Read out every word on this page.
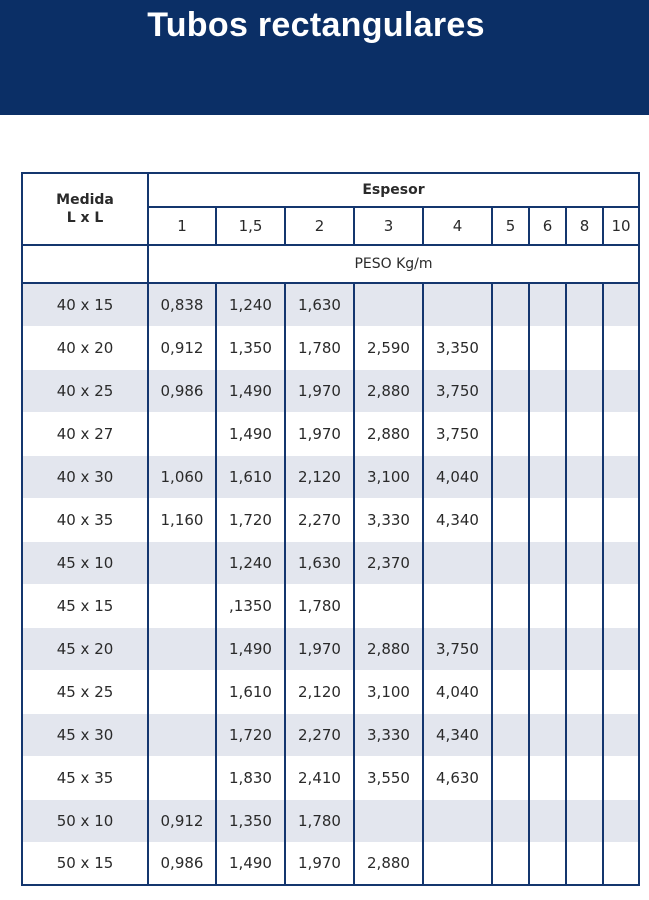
Tubos rectangulares
Medida
L x L	Espesor								
	1	1,5	2	3	4	5	6	8	10
	PESO Kg/m								
40 x 15	0,838	1,240	1,630						
40 x 20	0,912	1,350	1,780	2,590	3,350				
40 x 25	0,986	1,490	1,970	2,880	3,750				
40 x 27		1,490	1,970	2,880	3,750				
40 x 30	1,060	1,610	2,120	3,100	4,040				
40 x 35	1,160	1,720	2,270	3,330	4,340				
45 x 10		1,240	1,630	2,370					
45 x 15		,1350	1,780						
45 x 20		1,490	1,970	2,880	3,750				
45 x 25		1,610	2,120	3,100	4,040				
45 x 30		1,720	2,270	3,330	4,340				
45 x 35		1,830	2,410	3,550	4,630				
50 x 10	0,912	1,350	1,780						
50 x 15	0,986	1,490	1,970	2,880					
